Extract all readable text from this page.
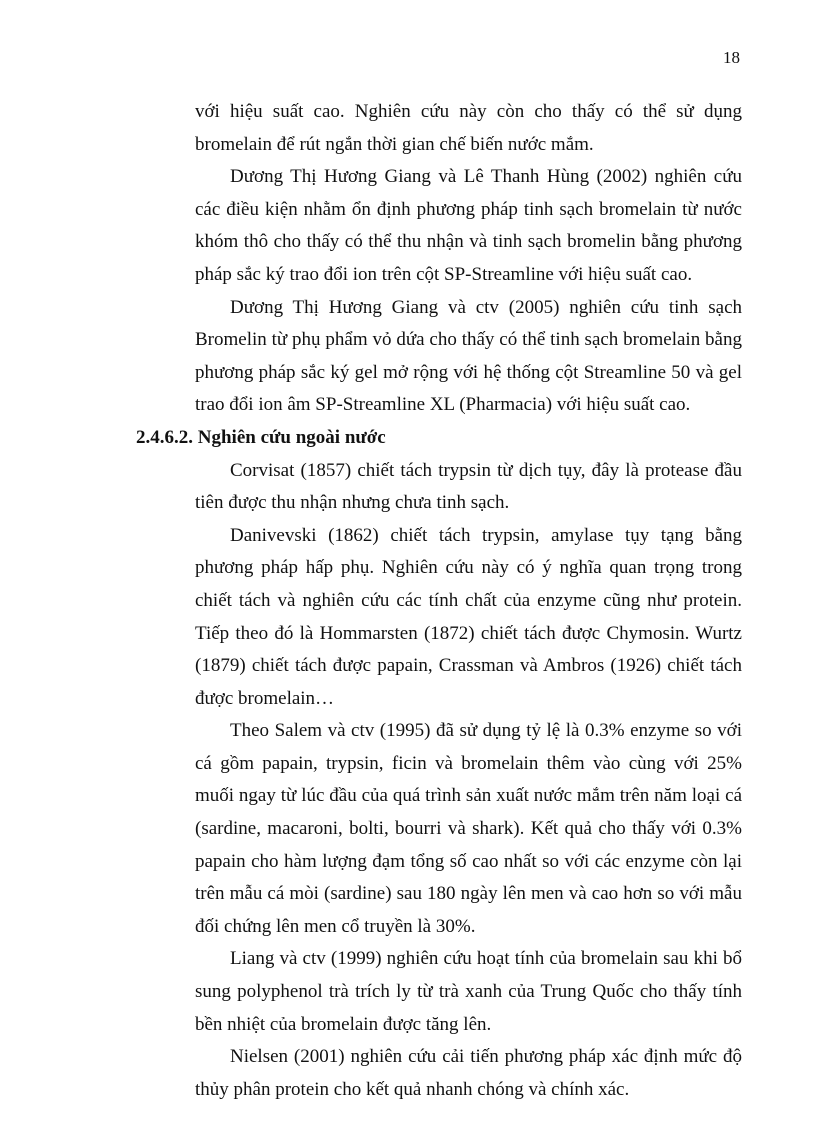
18

với hiệu suất cao. Nghiên cứu này còn cho thấy có thể sử dụng bromelain để rút ngắn thời gian chế biến nước mắm.

Dương Thị Hương Giang và Lê Thanh Hùng (2002) nghiên cứu các điều kiện nhằm ổn định phương pháp tinh sạch bromelain từ nước khóm thô cho thấy có thể thu nhận và tinh sạch bromelin bằng phương pháp sắc ký trao đổi ion trên cột SP-Streamline với hiệu suất cao.

Dương Thị Hương Giang và ctv (2005) nghiên cứu tinh sạch Bromelin từ phụ phẩm vỏ dứa cho thấy có thể tinh sạch bromelain bằng phương pháp sắc ký gel mở rộng với hệ thống cột Streamline 50 và gel trao đổi ion âm SP-Streamline XL (Pharmacia) với hiệu suất cao.

2.4.6.2. Nghiên cứu ngoài nước

Corvisat (1857) chiết tách trypsin từ dịch tụy, đây là protease đầu tiên được thu nhận nhưng chưa tinh sạch.

Danivevski (1862) chiết tách trypsin, amylase tụy tạng bằng phương pháp hấp phụ. Nghiên cứu này có ý nghĩa quan trọng trong chiết tách và nghiên cứu các tính chất của enzyme cũng như protein. Tiếp theo đó là Hommarsten (1872) chiết tách được Chymosin. Wurtz (1879) chiết tách được papain, Crassman và Ambros (1926) chiết tách được bromelain…

Theo Salem và ctv (1995) đã sử dụng tỷ lệ là 0.3% enzyme so với cá gồm papain, trypsin, ficin và bromelain thêm vào cùng với 25% muối ngay từ lúc đầu của quá trình sản xuất nước mắm trên năm loại cá (sardine, macaroni, bolti, bourri và shark). Kết quả cho thấy với 0.3% papain cho hàm lượng đạm tổng số cao nhất so với các enzyme còn lại trên mẫu cá mòi (sardine) sau 180 ngày lên men và cao hơn so với mẫu đối chứng lên men cổ truyền là 30%.

Liang và ctv (1999) nghiên cứu hoạt tính của bromelain sau khi bổ sung polyphenol trà trích ly từ trà xanh của Trung Quốc cho thấy tính bền nhiệt của bromelain được tăng lên.

Nielsen (2001) nghiên cứu cải tiến phương pháp xác định mức độ thủy phân protein cho kết quả nhanh chóng và chính xác.
